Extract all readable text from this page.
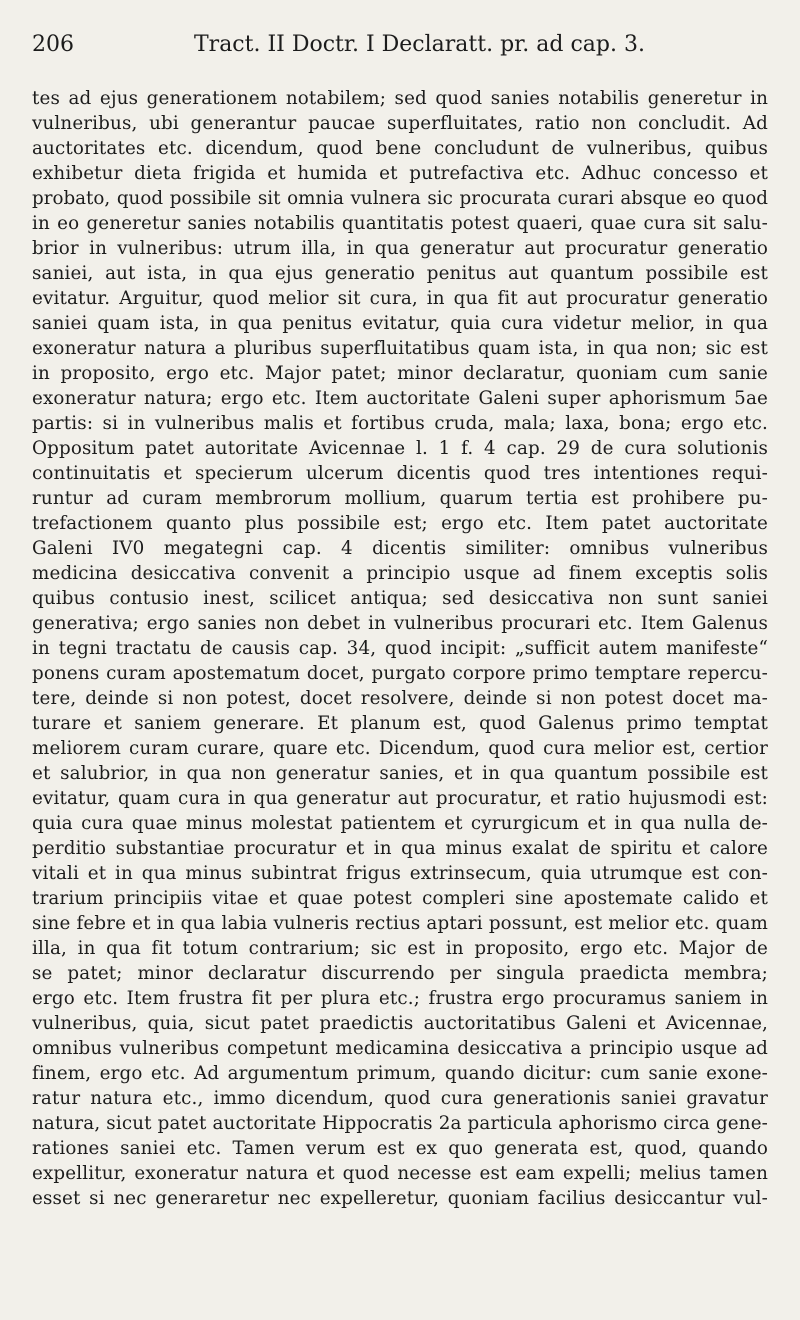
206	Tract. II Doctr. I Declaratt. pr. ad cap. 3.
tes ad ejus generationem notabilem; sed quod sanies notabilis generetur in
vulneribus, ubi generantur paucae superfluitates, ratio non concludit. Ad
auctoritates etc. dicendum, quod bene concludunt de vulneribus, quibus
exhibetur dieta frigida et humida et putrefactiva etc. Adhuc concesso et
probato, quod possibile sit omnia vulnera sic procurata curari absque eo quod
in eo generetur sanies notabilis quantitatis potest quaeri, quae cura sit salu-
brior in vulneribus: utrum illa, in qua generatur aut procuratur generatio
saniei, aut ista, in qua ejus generatio penitus aut quantum possibile est
evitatur. Arguitur, quod melior sit cura, in qua fit aut procuratur generatio
saniei quam ista, in qua penitus evitatur, quia cura videtur melior, in qua
exoneratur natura a pluribus superfluitatibus quam ista, in qua non; sic est
in proposito, ergo etc. Major patet; minor declaratur, quoniam cum sanie
exoneratur natura; ergo etc. Item auctoritate Galeni super aphorismum 5ae
partis: si in vulneribus malis et fortibus cruda, mala; laxa, bona; ergo etc.
Oppositum patet autoritate Avicennae l. 1 f. 4 cap. 29 de cura solutionis
continuitatis et specierum ulcerum dicentis quod tres intentiones requi-
runtur ad curam membrorum mollium, quarum tertia est prohibere pu-
trefactionem quanto plus possibile est; ergo etc. Item patet auctoritate
Galeni IV0 megategni cap. 4 dicentis similiter: omnibus vulneribus
medicina desiccativa convenit a principio usque ad finem exceptis solis
quibus contusio inest, scilicet antiqua; sed desiccativa non sunt saniei
generativa; ergo sanies non debet in vulneribus procurari etc. Item Galenus
in tegni tractatu de causis cap. 34, quod incipit: „sufficit autem manifeste“
ponens curam apostematum docet, purgato corpore primo temptare repercu-
tere, deinde si non potest, docet resolvere, deinde si non potest docet ma-
turare et saniem generare. Et planum est, quod Galenus primo temptat
meliorem curam curare, quare etc. Dicendum, quod cura melior est, certior
et salubrior, in qua non generatur sanies, et in qua quantum possibile est
evitatur, quam cura in qua generatur aut procuratur, et ratio hujusmodi est:
quia cura quae minus molestat patientem et cyrurgicum et in qua nulla de-
perditio substantiae procuratur et in qua minus exalat de spiritu et calore
vitali et in qua minus subintrat frigus extrinsecum, quia utrumque est con-
trarium principiis vitae et quae potest compleri sine apostemate calido et
sine febre et in qua labia vulneris rectius aptari possunt, est melior etc. quam
illa, in qua fit totum contrarium; sic est in proposito, ergo etc. Major de
se patet; minor declaratur discurrendo per singula praedicta membra;
ergo etc. Item frustra fit per plura etc.; frustra ergo procuramus saniem in
vulneribus, quia, sicut patet praedictis auctoritatibus Galeni et Avicennae,
omnibus vulneribus competunt medicamina desiccativa a principio usque ad
finem, ergo etc. Ad argumentum primum, quando dicitur: cum sanie exone-
ratur natura etc., immo dicendum, quod cura generationis saniei gravatur
natura, sicut patet auctoritate Hippocratis 2a particula aphorismo circa gene-
rationes saniei etc. Tamen verum est ex quo generata est, quod, quando
expellitur, exoneratur natura et quod necesse est eam expelli; melius tamen
esset si nec generaretur nec expelleretur, quoniam facilius desiccantur vul-
